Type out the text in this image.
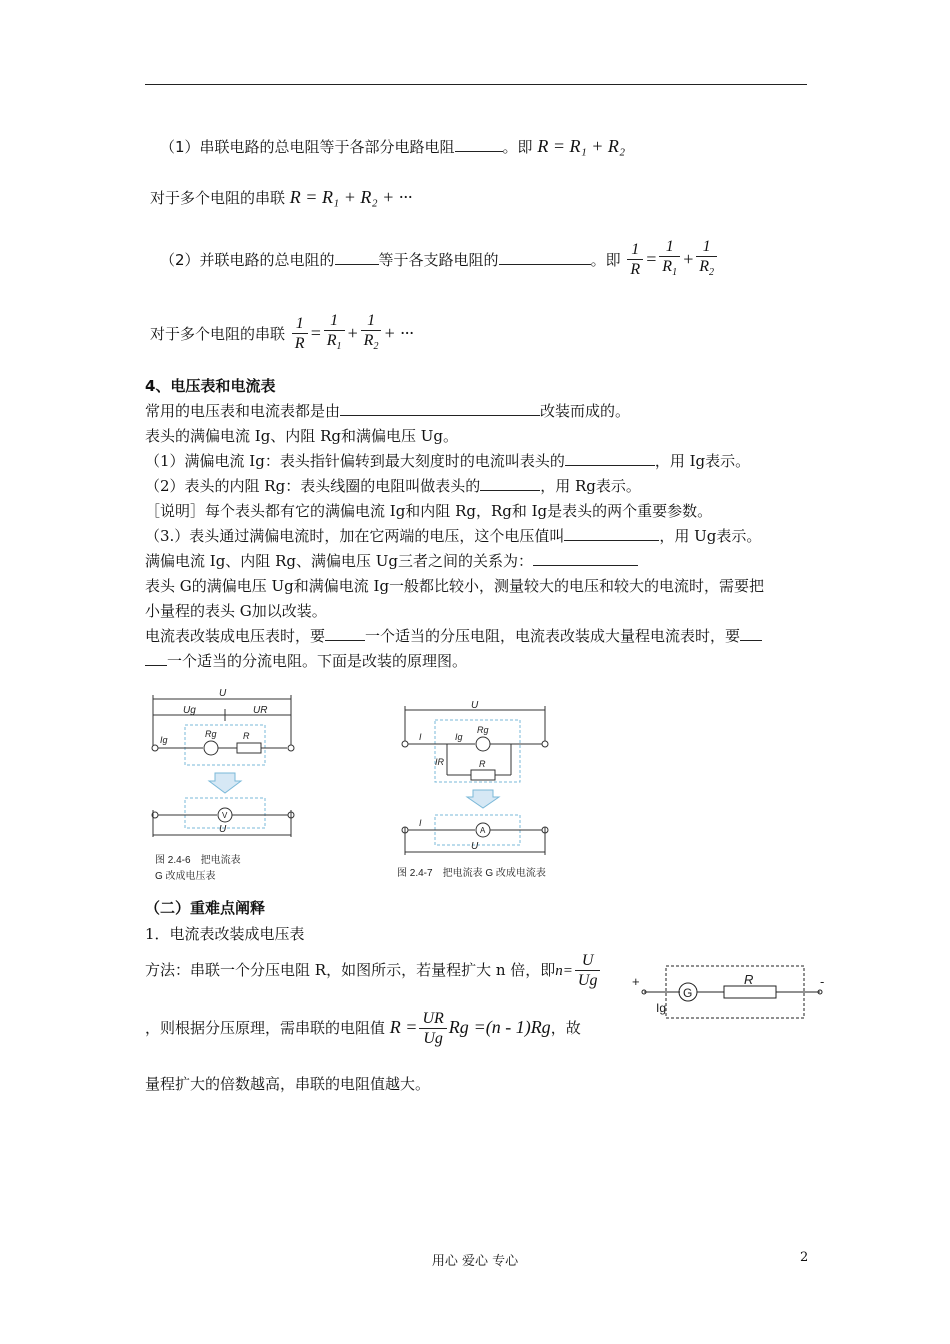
（1）串联电路的总电阻等于各部分电路电阻	。即 R = R₁ + R₂
对于多个电阻的串联 R = R₁ + R₂ + ···
（2）并联电路的总电阻的	等于各支路电阻的	。即 $\frac{1}{R} = \frac{1}{R_1} + \frac{1}{R_2}$
对于多个电阻的串联 $\frac{1}{R} = \frac{1}{R_1} + \frac{1}{R_2}$ + ···
4、电压表和电流表
常用的电压表和电流表都是由	改装而成的。
表头的满偏电流 Ig、内阻 Rg和满偏电压 Ug。
（1）满偏电流 Ig：表头指针偏转到最大刻度时的电流叫表头的	，用 Ig表示。
（2）表头的内阻 Rg：表头线圈的电阻叫做表头的	，用 Rg表示。
［说明］每个表头都有它的满偏电流 Ig和内阻 Rg，Rg和 Ig是表头的两个重要参数。
（3.）表头通过满偏电流时，加在它两端的电压，这个电压值叫	，用 Ug表示。
满偏电流 Ig、内阻 Rg、满偏电压 Ug三者之间的关系为：
表头 G的满偏电压 Ug和满偏电流 Ig一般都比较小，测量较大的电压和较大的电流时，需要把
小量程的表头 G加以改装。
电流表改装成电压表时，要	一个适当的分压电阻，电流表改装成大量程电流表时，要
一个适当的分流电阻。下面是改装的原理图。
U
Ug	UR
Rg	R
Ig
V
U
图 2.4-6　把电流表
G 改成电压表
U
I	Ig
Rg
IR	R
I
A
U
图 2.4-7　把电流表 G 改成电流表
（二）重难点阐释
1．电流表改装成电压表
方法：串联一个分压电阻 R，如图所示，若量程扩大 n 倍，即$n= \frac{U}{Ug}$
，则根据分压原理，需串联的电阻值 $R = \frac{UR}{Ug}$ Rg =(n - 1)Rg，故
量程扩大的倍数越高，串联的电阻值越大。
+	-
G
R
Ig
用心 爱心 专心	2
